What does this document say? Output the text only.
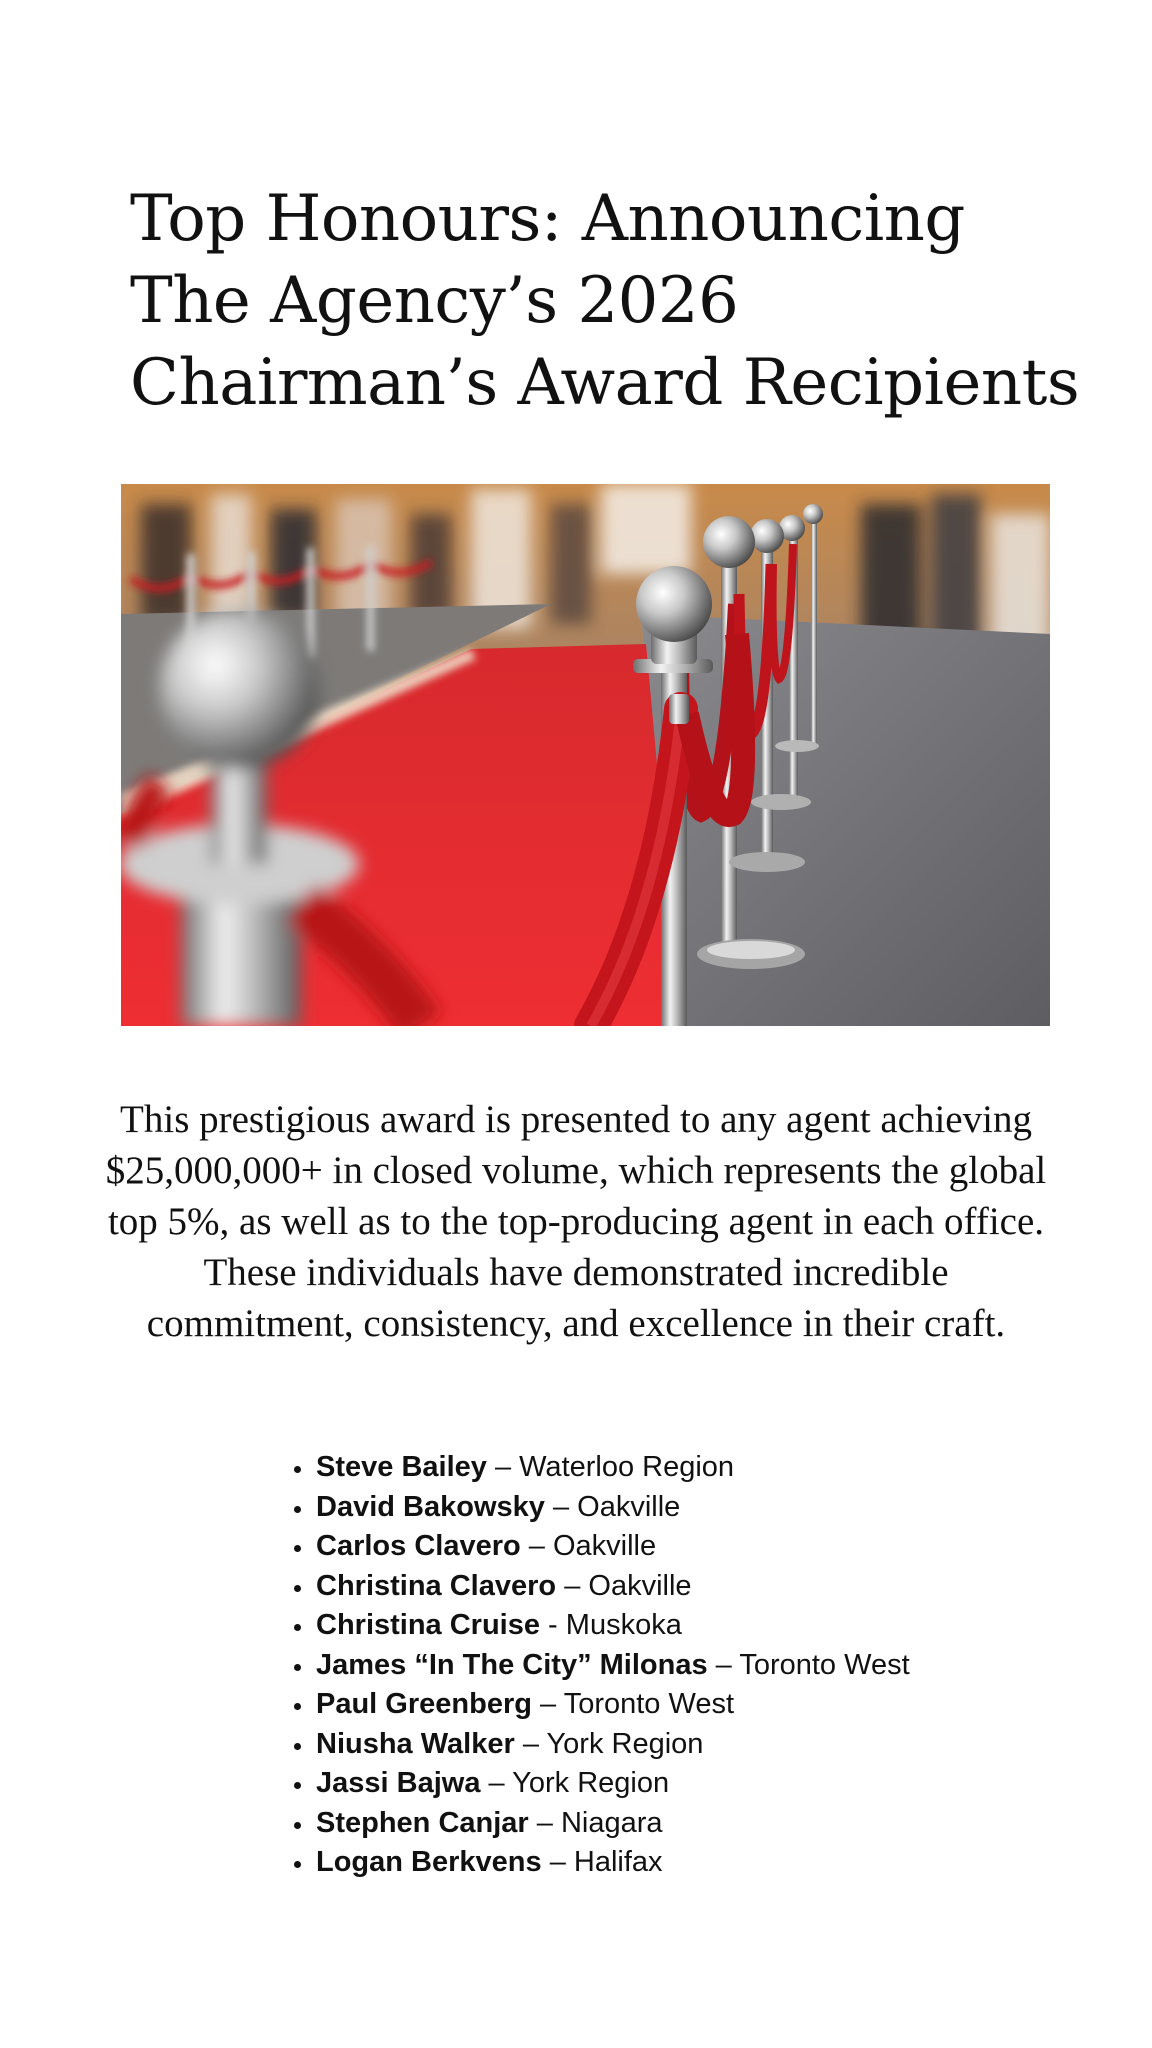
Top Honours: Announcing The Agency’s 2026 Chairman’s Award Recipients

This prestigious award is presented to any agent achieving $25,000,000+ in closed volume, which represents the global top 5%, as well as to the top-producing agent in each office. These individuals have demonstrated incredible commitment, consistency, and excellence in their craft.

• Steve Bailey – Waterloo Region
• David Bakowsky – Oakville
• Carlos Clavero – Oakville
• Christina Clavero – Oakville
• Christina Cruise - Muskoka
• James “In The City” Milonas – Toronto West
• Paul Greenberg – Toronto West
• Niusha Walker – York Region
• Jassi Bajwa – York Region
• Stephen Canjar – Niagara
• Logan Berkvens – Halifax
